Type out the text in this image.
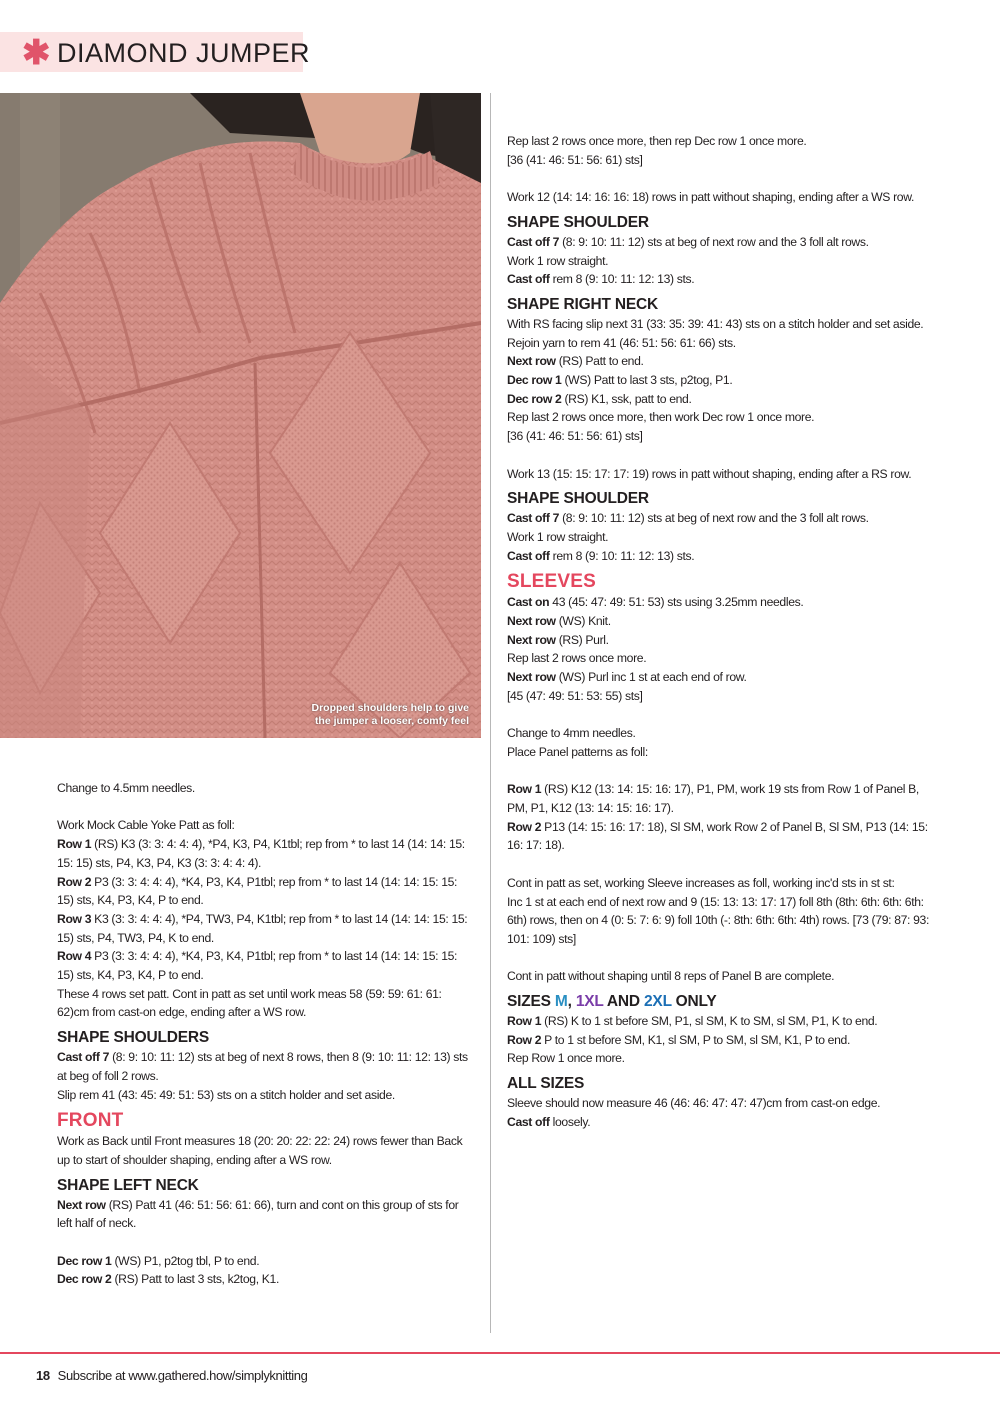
✱ DIAMOND JUMPER
Dropped shoulders help to give the jumper a looser, comfy feel

Change to 4.5mm needles.

Work Mock Cable Yoke Patt as foll:

Row 1 (RS) K3 (3: 3: 4: 4: 4), *P4, K3, P4, K1tbl; rep from * to last 14 (14: 14: 15: 15: 15) sts, P4, K3, P4, K3 (3: 3: 4: 4: 4).

Row 2 P3 (3: 3: 4: 4: 4), *K4, P3, K4, P1tbl; rep from * to last 14 (14: 14: 15: 15: 15) sts, K4, P3, K4, P to end.

Row 3 K3 (3: 3: 4: 4: 4), *P4, TW3, P4, K1tbl; rep from * to last 14 (14: 14: 15: 15: 15) sts, P4, TW3, P4, K to end.

Row 4 P3 (3: 3: 4: 4: 4), *K4, P3, K4, P1tbl; rep from * to last 14 (14: 14: 15: 15: 15) sts, K4, P3, K4, P to end.

These 4 rows set patt. Cont in patt as set until work meas 58 (59: 59: 61: 61: 62)cm from cast-on edge, ending after a WS row.

SHAPE SHOULDERS

Cast off 7 (8: 9: 10: 11: 12) sts at beg of next 8 rows, then 8 (9: 10: 11: 12: 13) sts at beg of foll 2 rows.

Slip rem 41 (43: 45: 49: 51: 53) sts on a stitch holder and set aside.

FRONT

Work as Back until Front measures 18 (20: 20: 22: 22: 24) rows fewer than Back up to start of shoulder shaping, ending after a WS row.

SHAPE LEFT NECK

Next row (RS) Patt 41 (46: 51: 56: 61: 66), turn and cont on this group of sts for left half of neck.

Dec row 1 (WS) P1, p2tog tbl, P to end.

Dec row 2 (RS) Patt to last 3 sts, k2tog, K1.

Rep last 2 rows once more, then rep Dec row 1 once more.

[36 (41: 46: 51: 56: 61) sts]

Work 12 (14: 14: 16: 16: 18) rows in patt without shaping, ending after a WS row.

SHAPE SHOULDER

Cast off 7 (8: 9: 10: 11: 12) sts at beg of next row and the 3 foll alt rows.

Work 1 row straight.

Cast off rem 8 (9: 10: 11: 12: 13) sts.

SHAPE RIGHT NECK

With RS facing slip next 31 (33: 35: 39: 41: 43) sts on a stitch holder and set aside. Rejoin yarn to rem 41 (46: 51: 56: 61: 66) sts.

Next row (RS) Patt to end.

Dec row 1 (WS) Patt to last 3 sts, p2tog, P1.

Dec row 2 (RS) K1, ssk, patt to end.

Rep last 2 rows once more, then work Dec row 1 once more.

[36 (41: 46: 51: 56: 61) sts]

Work 13 (15: 15: 17: 17: 19) rows in patt without shaping, ending after a RS row.

SHAPE SHOULDER

Cast off 7 (8: 9: 10: 11: 12) sts at beg of next row and the 3 foll alt rows.

Work 1 row straight.

Cast off rem 8 (9: 10: 11: 12: 13) sts.

SLEEVES

Cast on 43 (45: 47: 49: 51: 53) sts using 3.25mm needles.

Next row (WS) Knit.

Next row (RS) Purl.

Rep last 2 rows once more.

Next row (WS) Purl inc 1 st at each end of row.

[45 (47: 49: 51: 53: 55) sts]

Change to 4mm needles.

Place Panel patterns as foll:

Row 1 (RS) K12 (13: 14: 15: 16: 17), P1, PM, work 19 sts from Row 1 of Panel B, PM, P1, K12 (13: 14: 15: 16: 17).

Row 2 P13 (14: 15: 16: 17: 18), Sl SM, work Row 2 of Panel B, Sl SM, P13 (14: 15: 16: 17: 18).

Cont in patt as set, working Sleeve increases as foll, working inc'd sts in st st:

Inc 1 st at each end of next row and 9 (15: 13: 13: 17: 17) foll 8th (8th: 6th: 6th: 6th: 6th) rows, then on 4 (0: 5: 7: 6: 9) foll 10th (-: 8th: 6th: 6th: 4th) rows. [73 (79: 87: 93: 101: 109) sts]

Cont in patt without shaping until 8 reps of Panel B are complete.

SIZES M, 1XL AND 2XL ONLY

Row 1 (RS) K to 1 st before SM, P1, sl SM, K to SM, sl SM, P1, K to end.

Row 2 P to 1 st before SM, K1, sl SM, P to SM, sl SM, K1, P to end.

Rep Row 1 once more.

ALL SIZES

Sleeve should now measure 46 (46: 46: 47: 47: 47)cm from cast-on edge.

Cast off loosely.

18 Subscribe at www.gathered.how/simplyknitting
